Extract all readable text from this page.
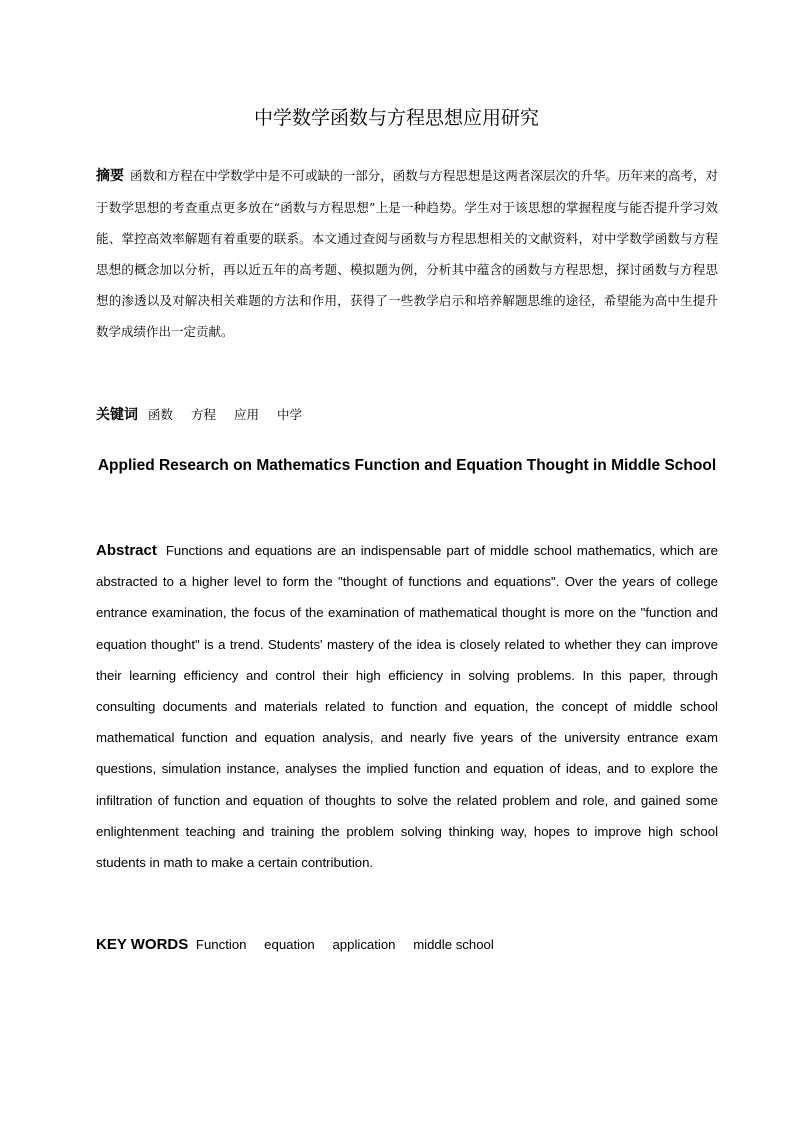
中学数学函数与方程思想应用研究
摘要 函数和方程在中学数学中是不可或缺的一部分，函数与方程思想是这两者深层次的升华。历年来的高考，对于数学思想的考查重点更多放在“函数与方程思想”上是一种趋势。学生对于该思想的掌握程度与能否提升学习效能、掌控高效率解题有着重要的联系。本文通过查阅与函数与方程思想相关的文献资料，对中学数学函数与方程思想的概念加以分析，再以近五年的高考题、模拟题为例，分析其中蕴含的函数与方程思想，探讨函数与方程思想的渗透以及对解决相关难题的方法和作用，获得了一些教学启示和培养解题思维的途径，希望能为高中生提升数学成绩作出一定贡献。
关键词 函数 方程 应用 中学
Applied Research on Mathematics Function and Equation Thought in Middle School
Abstract Functions and equations are an indispensable part of middle school mathematics, which are abstracted to a higher level to form the "thought of functions and equations". Over the years of college entrance examination, the focus of the examination of mathematical thought is more on the "function and equation thought" is a trend. Students' mastery of the idea is closely related to whether they can improve their learning efficiency and control their high efficiency in solving problems. In this paper, through consulting documents and materials related to function and equation, the concept of middle school mathematical function and equation analysis, and nearly five years of the university entrance exam questions, simulation instance, analyses the implied function and equation of ideas, and to explore the infiltration of function and equation of thoughts to solve the related problem and role, and gained some enlightenment teaching and training the problem solving thinking way, hopes to improve high school students in math to make a certain contribution.
KEY WORDS Function equation application middle school
